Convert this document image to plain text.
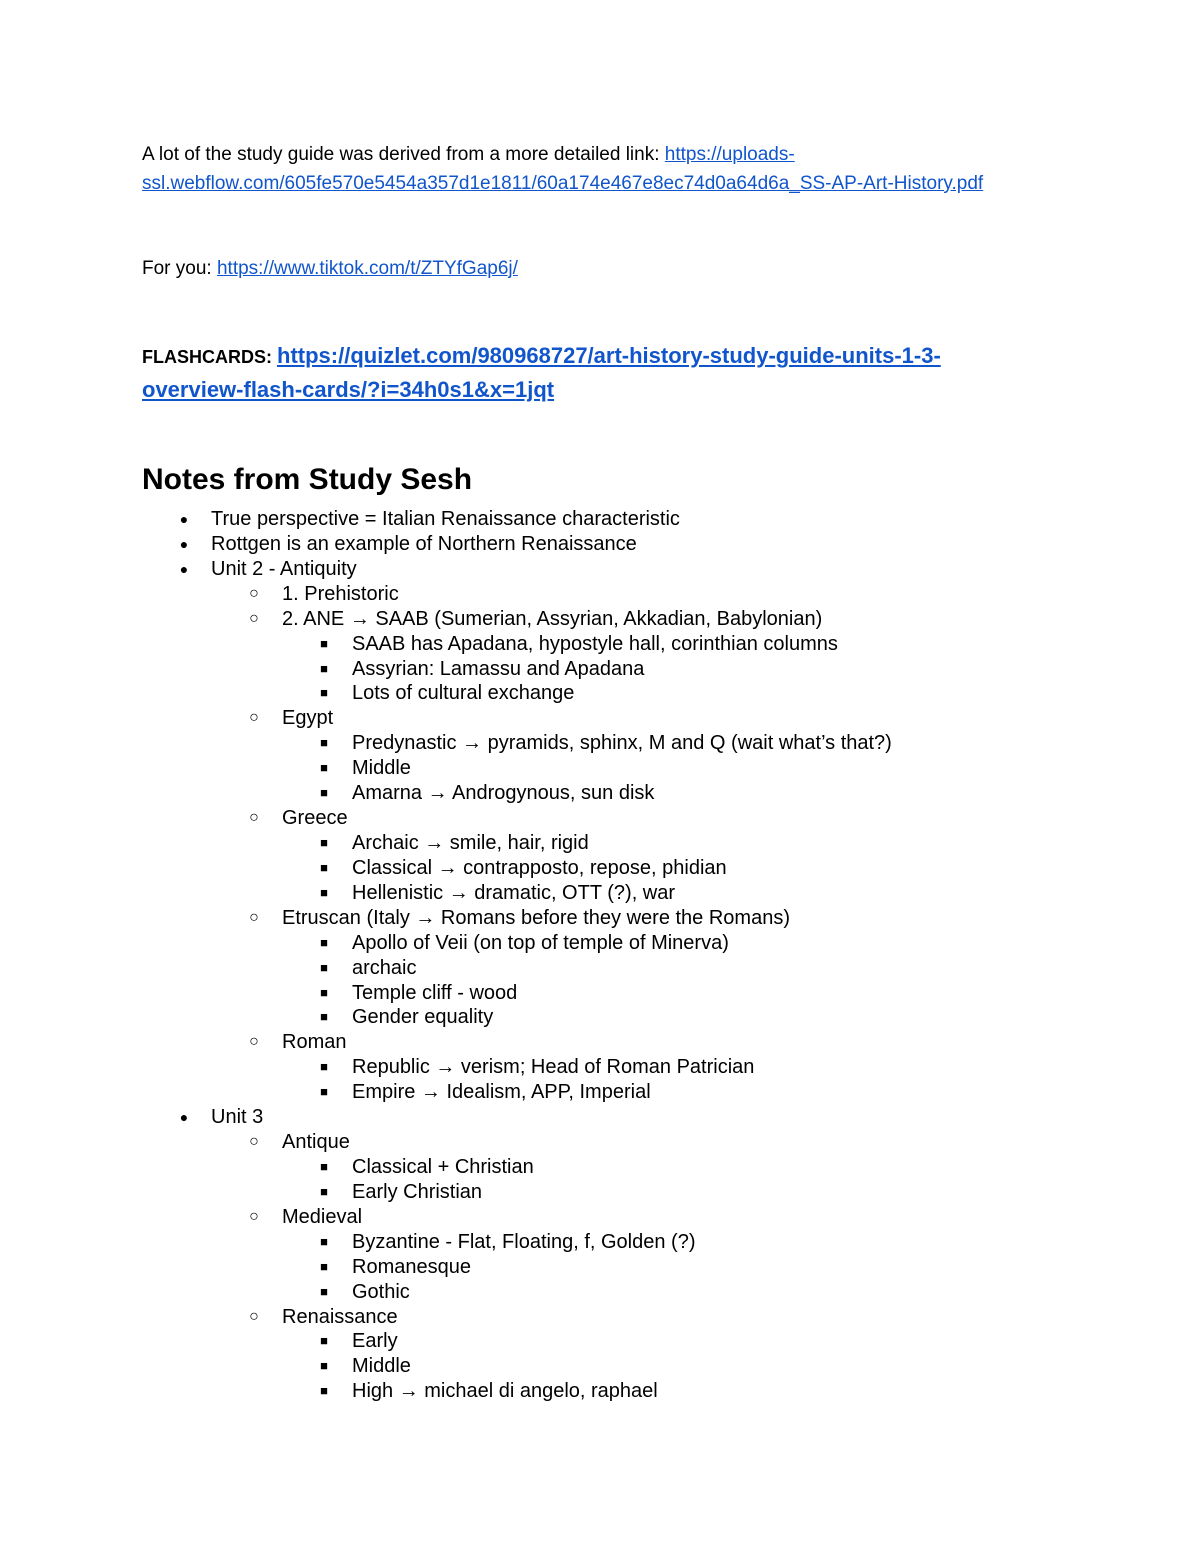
A lot of the study guide was derived from a more detailed link: https://uploads-ssl.webflow.com/605fe570e5454a357d1e1811/60a174e467e8ec74d0a64d6a_SS-AP-Art-History.pdf
For you: https://www.tiktok.com/t/ZTYfGap6j/
FLASHCARDS: https://quizlet.com/980968727/art-history-study-guide-units-1-3-overview-flash-cards/?i=34h0s1&x=1jqt
Notes from Study Sesh
● True perspective = Italian Renaissance characteristic
● Rottgen is an example of Northern Renaissance
● Unit 2 - Antiquity
○ 1. Prehistoric
○ 2. ANE → SAAB (Sumerian, Assyrian, Akkadian, Babylonian)
■ SAAB has Apadana, hypostyle hall, corinthian columns
■ Assyrian: Lamassu and Apadana
■ Lots of cultural exchange
○ Egypt
■ Predynastic → pyramids, sphinx, M and Q (wait what’s that?)
■ Middle
■ Amarna → Androgynous, sun disk
○ Greece
■ Archaic → smile, hair, rigid
■ Classical → contrapposto, repose, phidian
■ Hellenistic → dramatic, OTT (?), war
○ Etruscan (Italy → Romans before they were the Romans)
■ Apollo of Veii (on top of temple of Minerva)
■ archaic
■ Temple cliff - wood
■ Gender equality
○ Roman
■ Republic → verism; Head of Roman Patrician
■ Empire → Idealism, APP, Imperial
● Unit 3
○ Antique
■ Classical + Christian
■ Early Christian
○ Medieval
■ Byzantine - Flat, Floating, f, Golden (?)
■ Romanesque
■ Gothic
○ Renaissance
■ Early
■ Middle
■ High → michael di angelo, raphael
